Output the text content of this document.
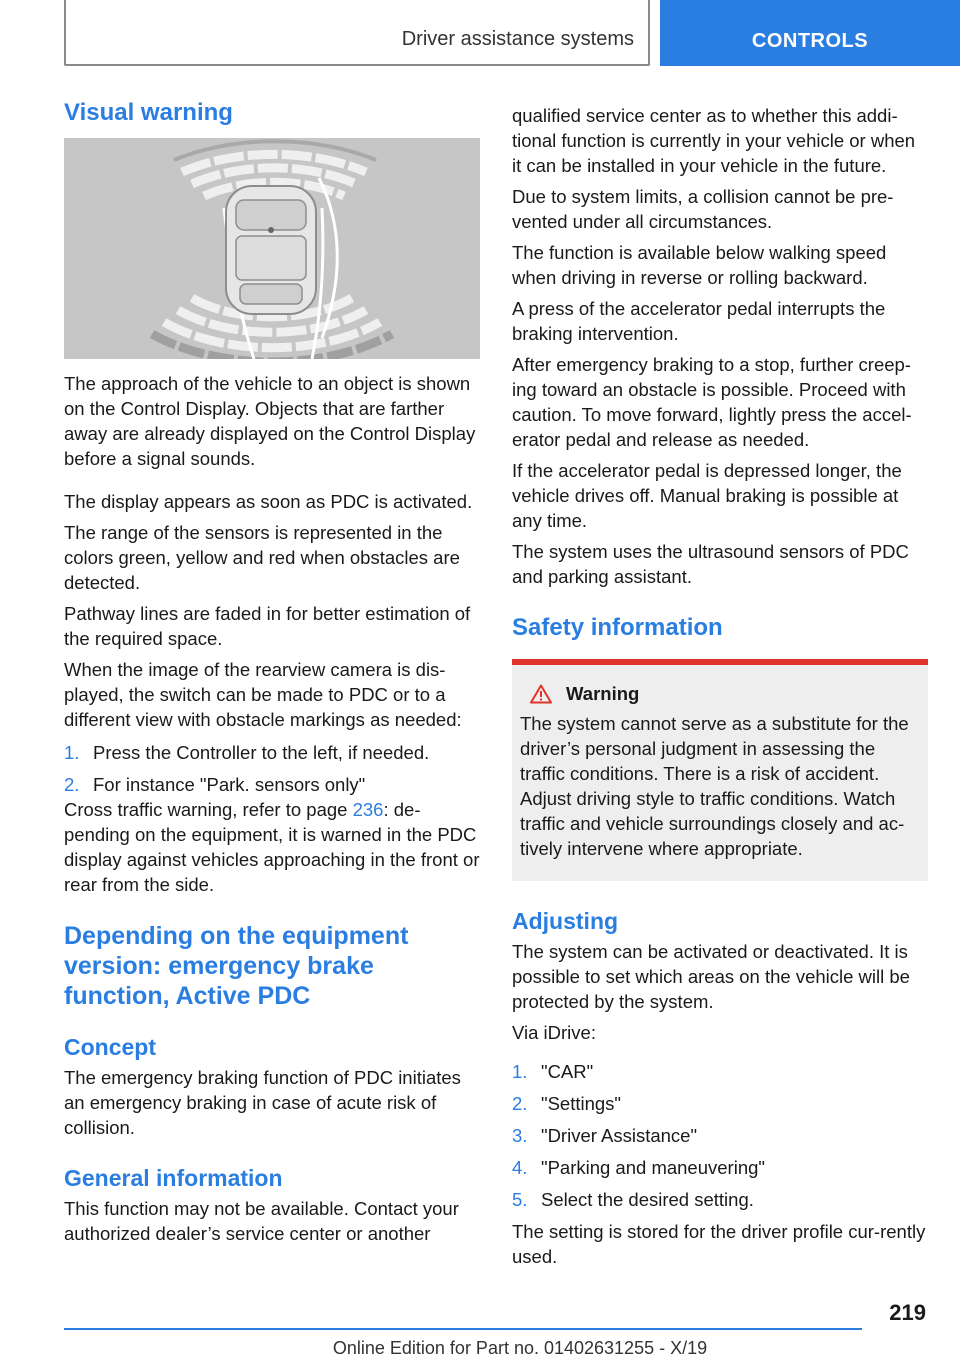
Driver assistance systems	CONTROLS
Visual warning

The approach of the vehicle to an object is shown on the Control Display. Objects that are farther away are already displayed on the Control Display before a signal sounds.

The display appears as soon as PDC is activated.

The range of the sensors is represented in the colors green, yellow and red when obstacles are detected.

Pathway lines are faded in for better estimation of the required space.

When the image of the rearview camera is dis‐played, the switch can be made to PDC or to a different view with obstacle markings as needed:

1. Press the Controller to the left, if needed.
2. For instance "Park. sensors only"

Cross traffic warning, refer to page 236: de‐pending on the equipment, it is warned in the PDC display against vehicles approaching in the front or rear from the side.

Depending on the equipment version: emergency brake function, Active PDC
Concept

The emergency braking function of PDC initiates an emergency braking in case of acute risk of collision.

General information

This function may not be available. Contact your authorized dealer’s service center or another

qualified service center as to whether this addi‐tional function is currently in your vehicle or when it can be installed in your vehicle in the future.

Due to system limits, a collision cannot be pre‐vented under all circumstances.

The function is available below walking speed when driving in reverse or rolling backward.

A press of the accelerator pedal interrupts the braking intervention.

After emergency braking to a stop, further creep‐ing toward an obstacle is possible. Proceed with caution. To move forward, lightly press the accel‐erator pedal and release as needed.

If the accelerator pedal is depressed longer, the vehicle drives off. Manual braking is possible at any time.

The system uses the ultrasound sensors of PDC and parking assistant.

Safety information
Warning

The system cannot serve as a substitute for the driver’s personal judgment in assessing the traffic conditions. There is a risk of accident. Adjust driving style to traffic conditions. Watch traffic and vehicle surroundings closely and ac‐tively intervene where appropriate.

Adjusting

The system can be activated or deactivated. It is possible to set which areas on the vehicle will be protected by the system.

Via iDrive:

1. "CAR"
2. "Settings"
3. "Driver Assistance"
4. "Parking and maneuvering"
5. Select the desired setting.

The setting is stored for the driver profile cur‐rently used.

219
Online Edition for Part no. 01402631255 - X/19
